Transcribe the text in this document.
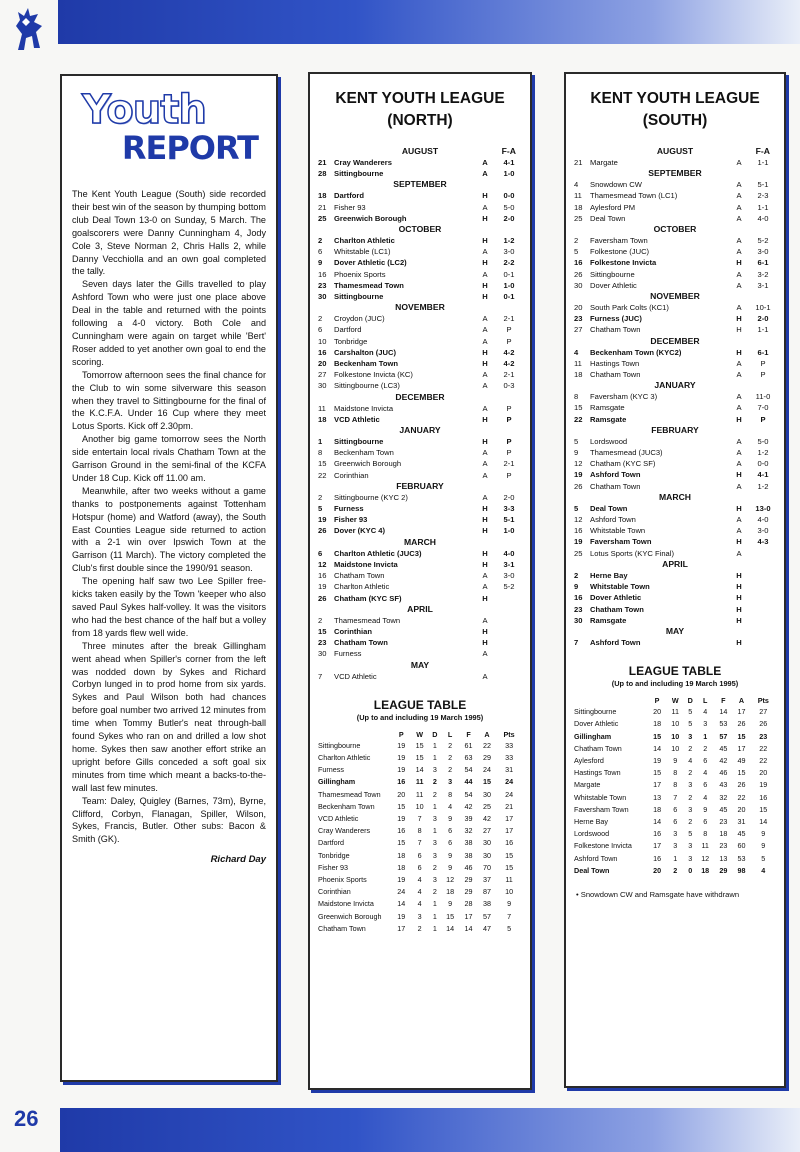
Youth
REPORT

The Kent Youth League (South) side recorded their best win of the season by thumping bottom club Deal Town 13-0 on Sunday, 5 March. The goalscorers were Danny Cunningham 4, Jody Cole 3, Steve Norman 2, Chris Halls 2, while Danny Vecchiolla and an own goal completed the tally.

Seven days later the Gills travelled to play Ashford Town who were just one place above Deal in the table and returned with the points following a 4-0 victory. Both Cole and Cunningham were again on target while 'Bert' Roser added to yet another own goal to end the scoring.

Tomorrow afternoon sees the final chance for the Club to win some silverware this season when they travel to Sittingbourne for the final of the K.C.F.A. Under 16 Cup where they meet Lotus Sports. Kick off 2.30pm.

Another big game tomorrow sees the North side entertain local rivals Chatham Town at the Garrison Ground in the semi-final of the KCFA Under 18 Cup. Kick off 11.00 am.

Meanwhile, after two weeks without a game thanks to postponements against Tottenham Hotspur (home) and Watford (away), the South East Counties League side returned to action with a 2-1 win over Ipswich Town at the Garrison (11 March). The victory completed the Club's first double since the 1990/91 season.

The opening half saw two Lee Spiller free-kicks taken easily by the Town 'keeper who also saved Paul Sykes half-volley. It was the visitors who had the best chance of the half but a volley from 18 yards flew well wide.

Three minutes after the break Gillingham went ahead when Spiller's corner from the left was nodded down by Sykes and Richard Corbyn lunged in to prod home from six yards. Sykes and Paul Wilson both had chances before goal number two arrived 12 minutes from time when Tommy Butler's neat through-ball found Sykes who ran on and drilled a low shot home. Sykes then saw another effort strike an upright before Gills conceded a soft goal six minutes from time which meant a backs-to-the-wall last few minutes.

Team: Daley, Quigley (Barnes, 73m), Byrne, Clifford, Corbyn, Flanagan, Spiller, Wilson, Sykes, Francis, Butler. Other subs: Bacon & Smith (GK).

Richard Day
KENT YOUTH LEAGUE
(NORTH)
AUGUST	F-A
21 Cray Wanderers	A	4-1
28 Sittingbourne	A	1-0
SEPTEMBER
18 Dartford	H	0-0
21 Fisher 93	A	5-0
25 Greenwich Borough	H	2-0
OCTOBER
2	Charlton Athletic	H	1-2
6	Whitstable (LC1)	A	3-0
9	Dover Athletic (LC2)	H	2-2
16 Phoenix Sports	A	0-1
23 Thamesmead Town	H	1-0
30 Sittingbourne	H	0-1
NOVEMBER
2	Croydon (JUC)	A	2-1
6	Dartford	A	P
10 Tonbridge	A	P
16 Carshalton (JUC)	H	4-2
20 Beckenham Town	H	4-2
27 Folkestone Invicta (KC)	A	2-1
30 Sittingbourne (LC3)	A	0-3
DECEMBER
11	Maidstone Invicta	A	P
18 VCD Athletic	H	P
JANUARY
1	Sittingbourne	H	P
8	Beckenham Town	A	P
15 Greenwich Borough	A	2-1
22 Corinthian	A	P
FEBRUARY
2	Sittingbourne (KYC 2)	A	2-0
5	Furness	H	3-3
19 Fisher 93	H	5-1
26 Dover (KYC 4)	H	1-0
MARCH
6	Charlton Athletic (JUC3)	H	4-0
12 Maidstone Invicta	H	3-1
16 Chatham Town	A	3-0
19 Charlton Athletic	A	5-2
26 Chatham (KYC SF)	H
APRIL
2	Thamesmead Town	A
15 Corinthian	H
23 Chatham Town	H
30 Furness	A
MAY
7	VCD Athletic	A
LEAGUE TABLE
(Up to and including 19 March 1995)
	P	W	D	L	F	A	Pts
Sittingbourne	19	15	1	2	61	22	33
Charlton Athletic	19	15	1	2	63	29	33
Furness	19	14	3	2	54	24	31
Gillingham	16	11	2	3	44	15	24
Thamesmead Town	20	11	2	8	54	30	24
Beckenham Town	15	10	1	4	42	25	21
VCD Athletic	19	7	3	9	39	42	17
Cray Wanderers	16	8	1	6	32	27	17
Dartford	15	7	3	6	38	30	16
Tonbridge	18	6	3	9	38	30	15
Fisher 93	18	6	2	9	46	70	15
Phoenix Sports	19	4	3	12	29	37	11
Corinthian	24	4	2	18	29	87	10
Maidstone Invicta	14	4	1	9	28	38	9
Greenwich Borough	19	3	1	15	17	57	7
Chatham Town	17	2	1	14	14	47	5
KENT YOUTH LEAGUE
(SOUTH)
AUGUST	F-A
21 Margate	A	1-1
SEPTEMBER
4	Snowdown CW	A	5-1
11	Thamesmead Town (LC1)	A	2-3
18 Aylesford PM	A	1-1
25 Deal Town	A	4-0
OCTOBER
2	Faversham Town	A	5-2
5	Folkestone (JUC)	A	3-0
16 Folkestone Invicta	H	6-1
26 Sittingbourne	A	3-2
30 Dover Athletic	A	3-1
NOVEMBER
20 South Park Colts (KC1)	A	10-1
23 Furness (JUC)	H	2-0
27 Chatham Town	H	1-1
DECEMBER
4	Beckenham Town (KYC2)	H	6-1
11	Hastings Town	A	P
18 Chatham Town	A	P
JANUARY
8	Faversham (KYC 3)	A	11-0
15 Ramsgate	A	7-0
22 Ramsgate	H	P
FEBRUARY
5	Lordswood	A	5-0
9	Thamesmead (JUC3)	A	1-2
12 Chatham (KYC SF)	A	0-0
19 Ashford Town	H	4-1
26 Chatham Town	A	1-2
MARCH
5	Deal Town	H	13-0
12 Ashford Town	A	4-0
16 Whitstable Town	A	3-0
19 Faversham Town	H	4-3
25 Lotus Sports (KYC Final)	A
APRIL
2	Herne Bay	H
9	Whitstable Town	H
16 Dover Athletic	H
23 Chatham Town	H
30 Ramsgate	H
MAY
7	Ashford Town	H
LEAGUE TABLE
(Up to and including 19 March 1995)
	P	W	D	L	F	A	Pts
Sittingbourne	20	11	5	4	14	17	27
Dover Athletic	18	10	5	3	53	26	26
Gillingham	15	10	3	1	57	15	23
Chatham Town	14	10	2	2	45	17	22
Aylesford	19	9	4	6	42	49	22
Hastings Town	15	8	2	4	46	15	20
Margate	17	8	3	6	43	26	19
Whitstable Town	13	7	2	4	32	22	16
Faversham Town	18	6	3	9	45	20	15
Herne Bay	14	6	2	6	23	31	14
Lordswood	16	3	5	8	18	45	9
Folkestone Invicta	17	3	3	11	23	60	9
Ashford Town	16	1	3	12	13	53	5
Deal Town	20	2	0	18	29	98	4
• Snowdown CW and Ramsgate have withdrawn
26
